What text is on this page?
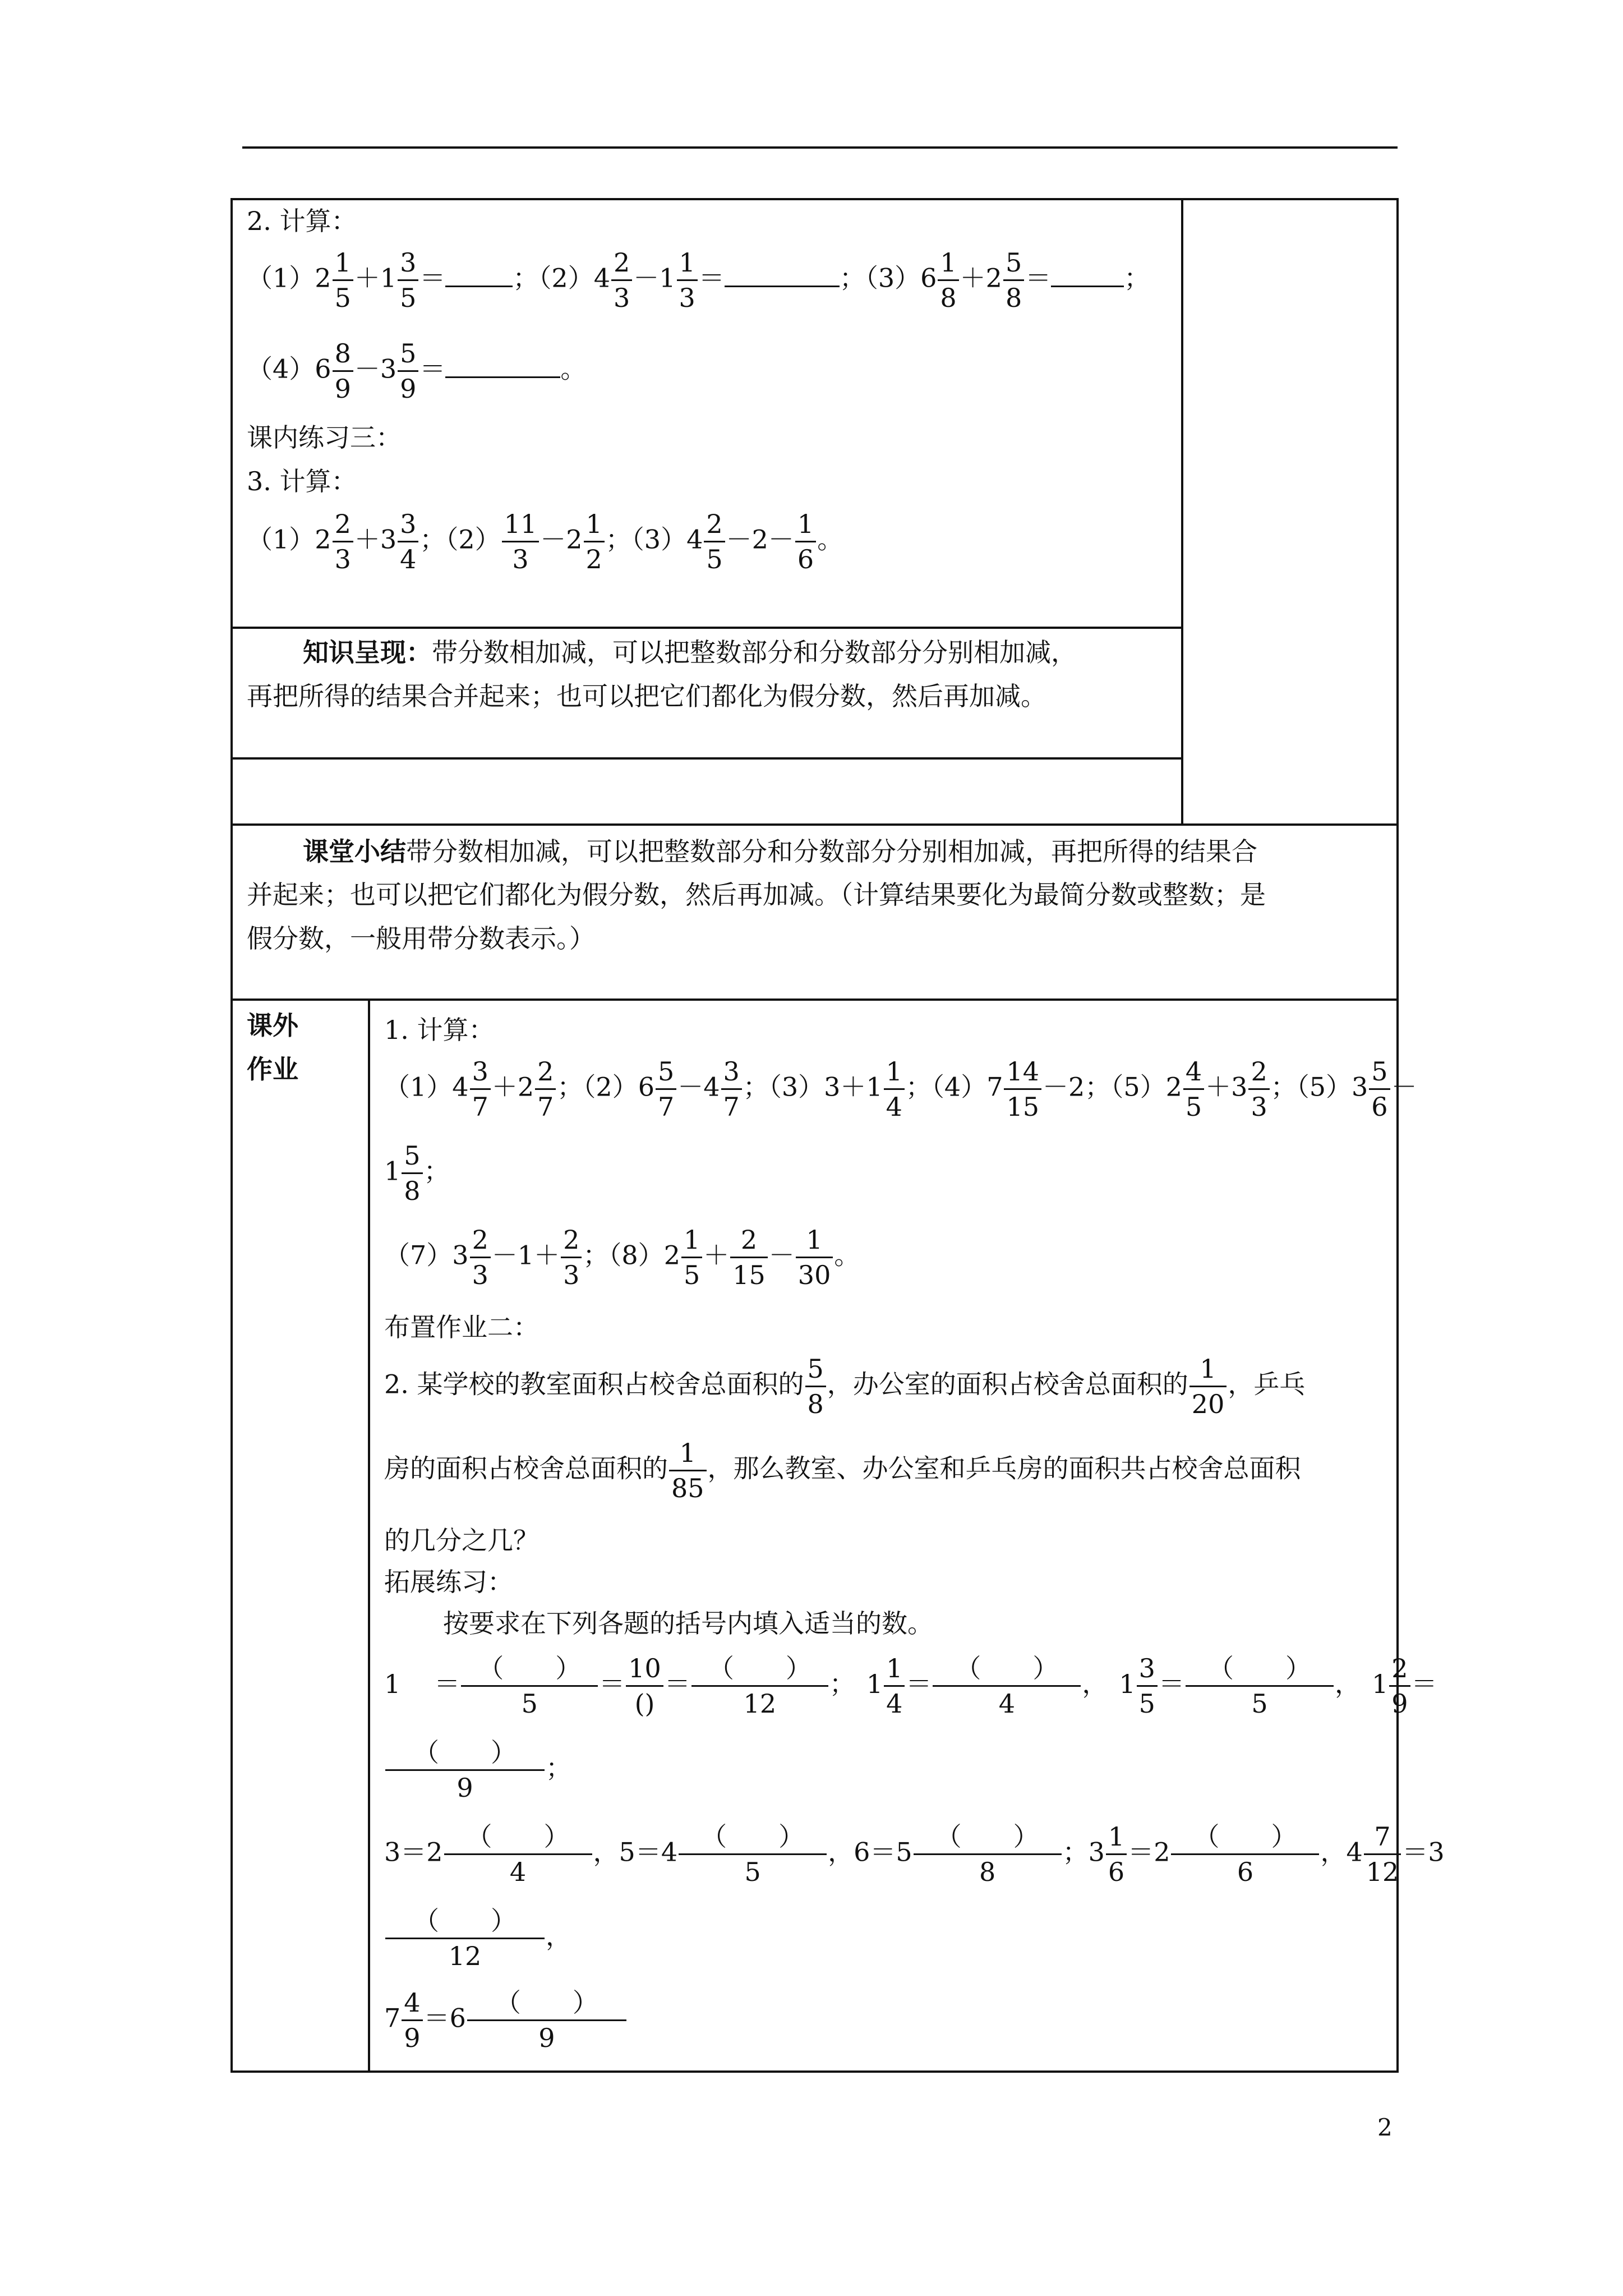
2. 计算：
$(1)2 \frac{1}{5} +1 \frac{3}{5}$ ＝	；$(2)4 \frac{2}{3} -1 \frac{1}{3}$ ＝	；$(3)6 \frac{1}{8} +2 \frac{5}{8}$ ＝	；
$(4)6 \frac{8}{9} -3 \frac{5}{9}$ ＝	。
课内练习三：
3. 计算：
$(1)2 \frac{2}{3} +3 \frac{3}{4}$ ；$(2) \frac{11}{3} -2 \frac{1}{2}$ ；$(3)4 \frac{2}{5} -2- \frac{1}{6}$ 。
知识呈现：带分数相加减，可以把整数部分和分数部分分别相加减，
再把所得的结果合并起来；也可以把它们都化为假分数，然后再加减。
课堂小结带分数相加减，可以把整数部分和分数部分分别相加减，再把所得的结果合
并起来；也可以把它们都化为假分数，然后再加减。（计算结果要化为最简分数或整数；是
假分数，一般用带分数表示。）
课外
作业
1. 计算：
$(1)4 \frac{3}{7} +2 \frac{2}{7}$ ；$(2)6 \frac{5}{7} -4 \frac{3}{7}$ ；$(3)3+1 \frac{1}{4}$ ；$(4)7 \frac{14}{15} -2$；$(5)2 \frac{4}{5} +3 \frac{2}{3}$ ；$(5)3 \frac{5}{6}$ －
$1 \frac{5}{8}$ ；
$(7)3 \frac{2}{3} -1+ \frac{2}{3}$ ；$(8)2 \frac{1}{5} + \frac{2}{15} - \frac{1}{30}$ 。
布置作业二：
2. 某学校的教室面积占校舍总面积的 $\frac{5}{8}$ ，办公室的面积占校舍总面积的 $\frac{1}{20}$ ，乒乓
房的面积占校舍总面积的 $\frac{1}{85}$ ，那么教室、办公室和乒乓房的面积共占校舍总面积
的几分之几？
拓展练习：
按要求在下列各题的括号内填入适当的数。
$1 = \frac{( )}{5} = \frac{10}{()} = \frac{( )}{12}$ ； $1 \frac{1}{4} = \frac{( )}{4}$ ， $1 \frac{3}{5} = \frac{( )}{5}$ ， $1 \frac{2}{9}$ ＝
$\frac{( )}{9}$ ；
$3=2 \frac{( )}{4}$ ，$5=4 \frac{( )}{5}$ ，$6=5 \frac{( )}{8}$ ；$3 \frac{1}{6} =2 \frac{( )}{6}$ ，$4 \frac{7}{12} =3$
$\frac{( )}{12}$ ，
$7 \frac{4}{9} =6 \frac{( )}{9}$
2
